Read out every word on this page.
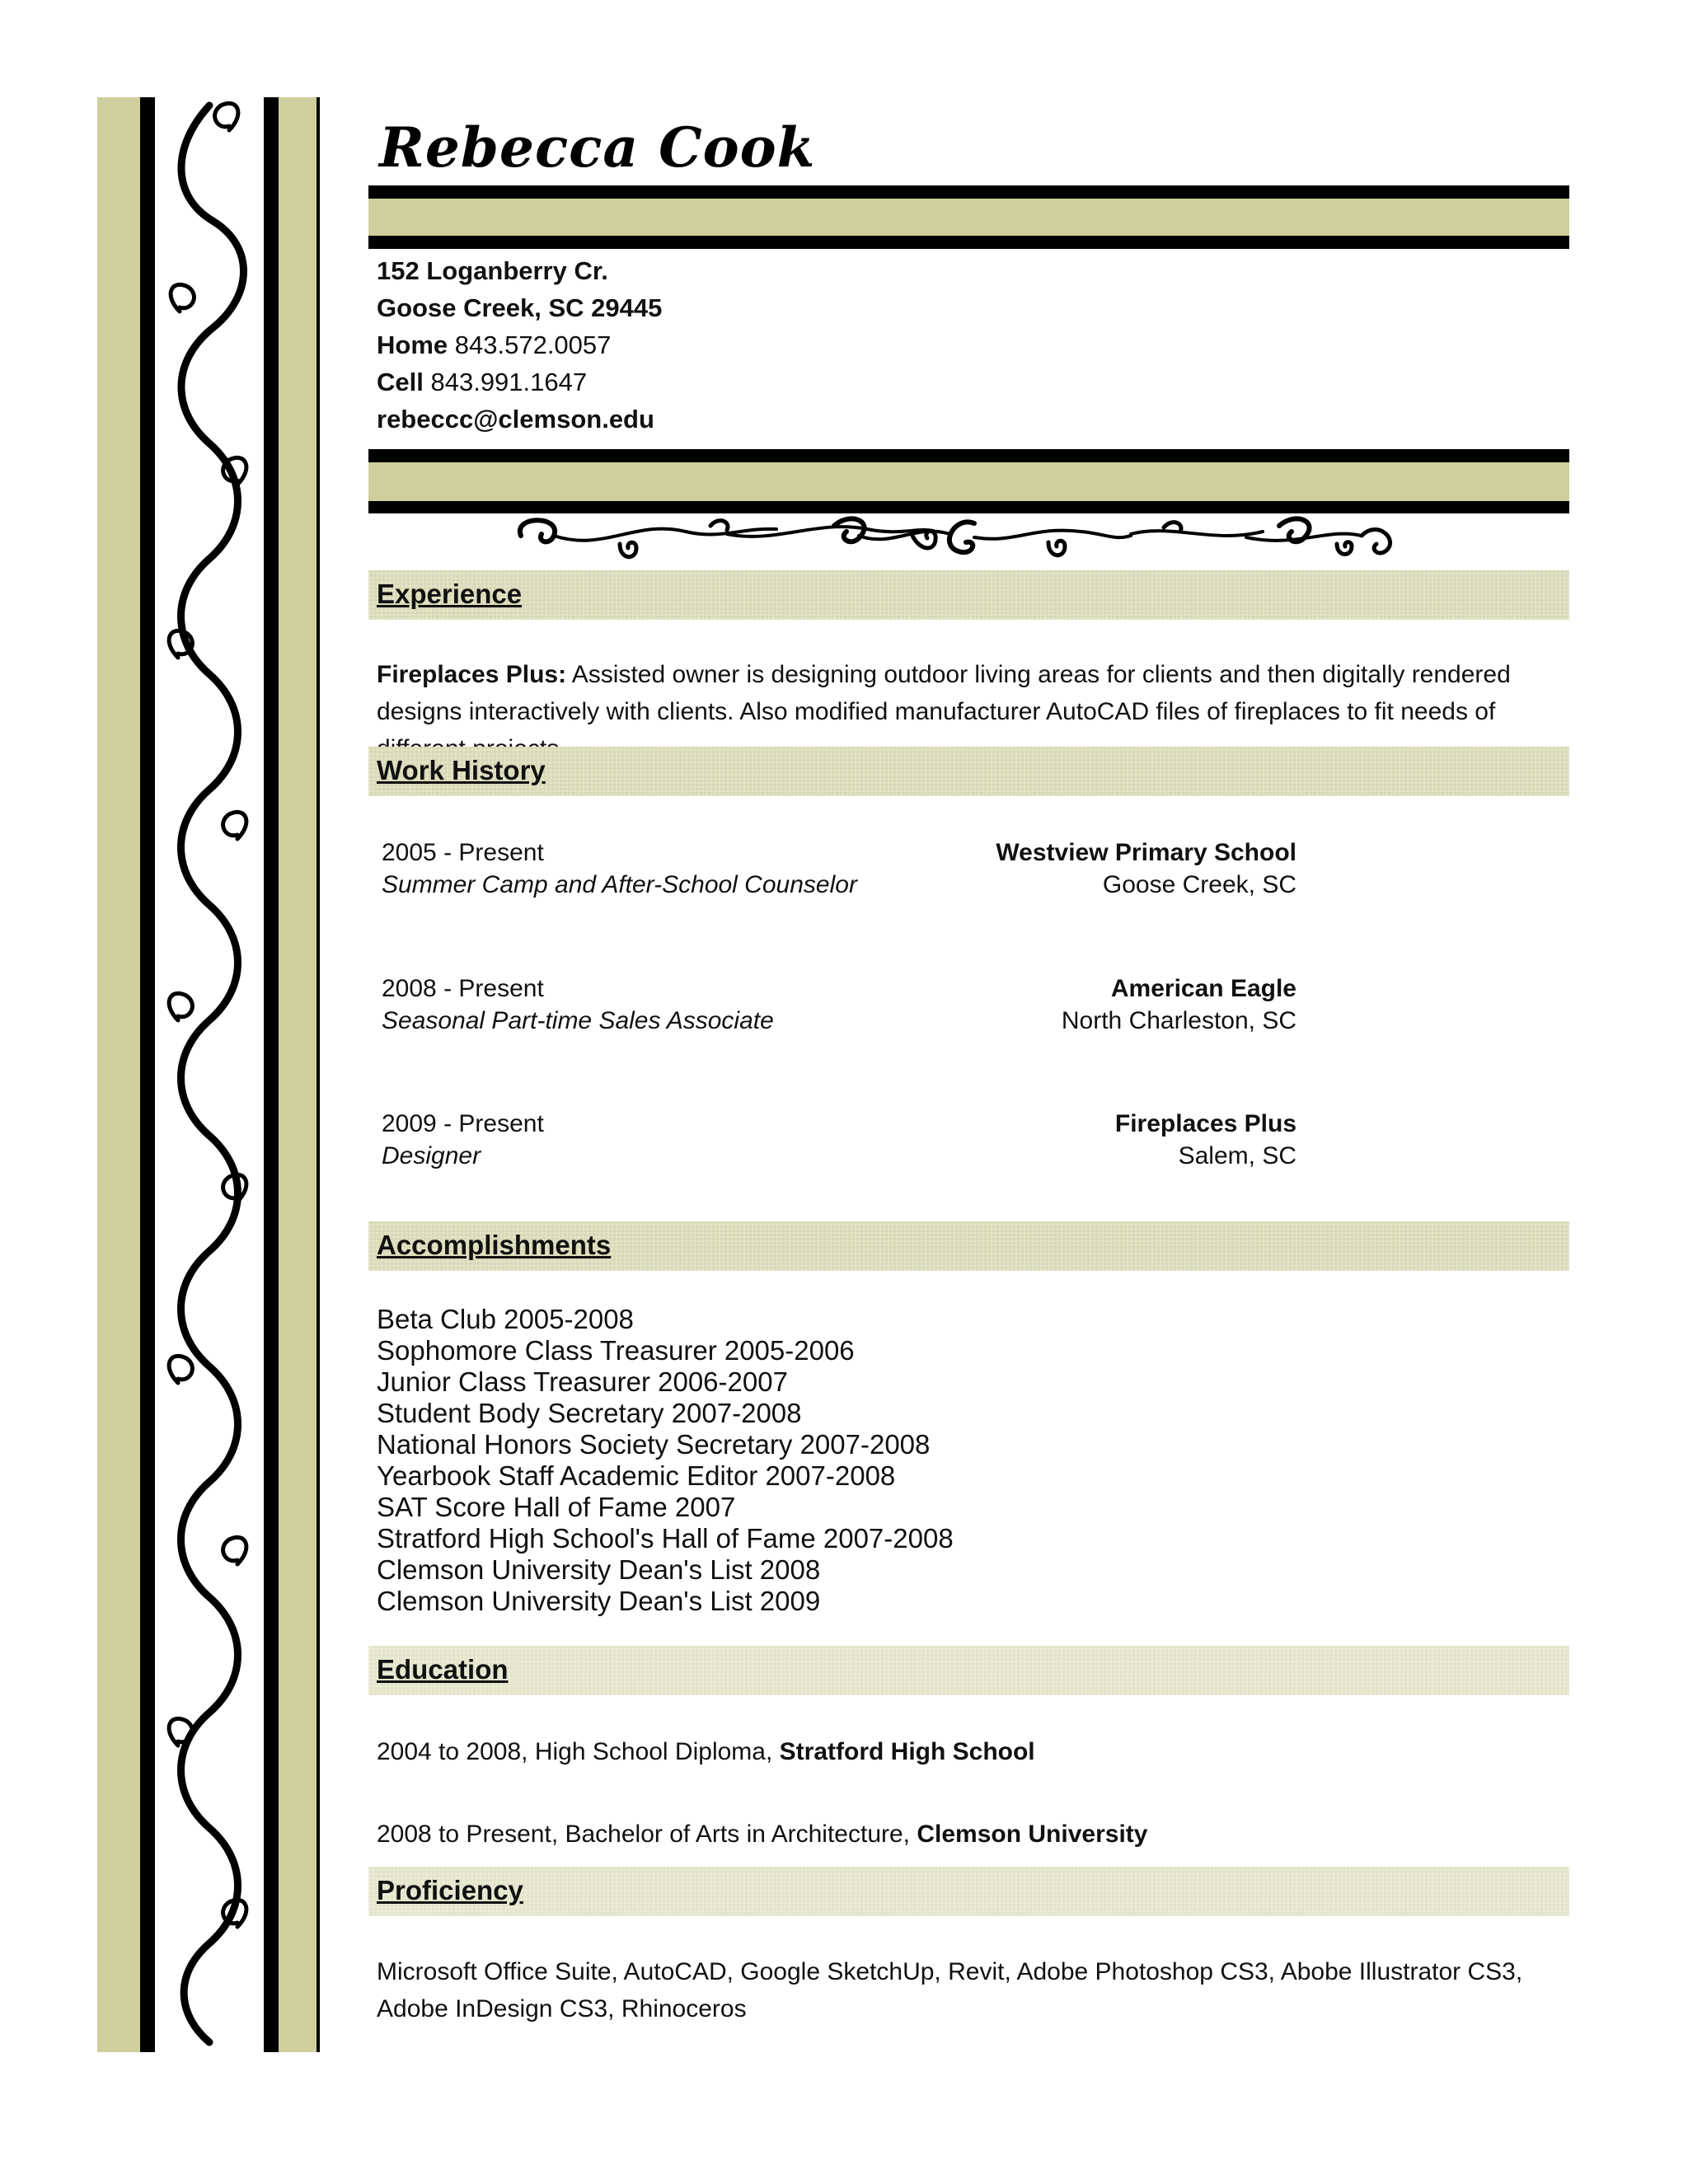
Rebecca Cook
152 Loganberry Cr.
Goose Creek, SC 29445
Home 843.572.0057
Cell 843.991.1647
rebeccc@clemson.edu
Experience
Fireplaces Plus: Assisted owner is designing outdoor living areas for clients and then digitally rendered designs interactively with clients. Also modified manufacturer AutoCAD files of fireplaces to fit needs of
Work History
2005 - Present
Summer Camp and After-School Counselor
Westview Primary School
Goose Creek, SC
2008 - Present
Seasonal Part-time Sales Associate
American Eagle
North Charleston, SC
2009 - Present
Designer
Fireplaces Plus
Salem, SC
Accomplishments
Beta Club 2005-2008
Sophomore Class Treasurer 2005-2006
Junior Class Treasurer 2006-2007
Student Body Secretary 2007-2008
National Honors Society Secretary 2007-2008
Yearbook Staff Academic Editor 2007-2008
SAT Score Hall of Fame 2007
Stratford High School's Hall of Fame 2007-2008
Clemson University Dean's List 2008
Clemson University Dean's List 2009
Education
2004 to 2008, High School Diploma, Stratford High School
2008 to Present, Bachelor of Arts in Architecture, Clemson University
Proficiency
Microsoft Office Suite, AutoCAD, Google SketchUp, Revit, Adobe Photoshop CS3, Abobe Illustrator CS3, Adobe InDesign CS3, Rhinoceros
